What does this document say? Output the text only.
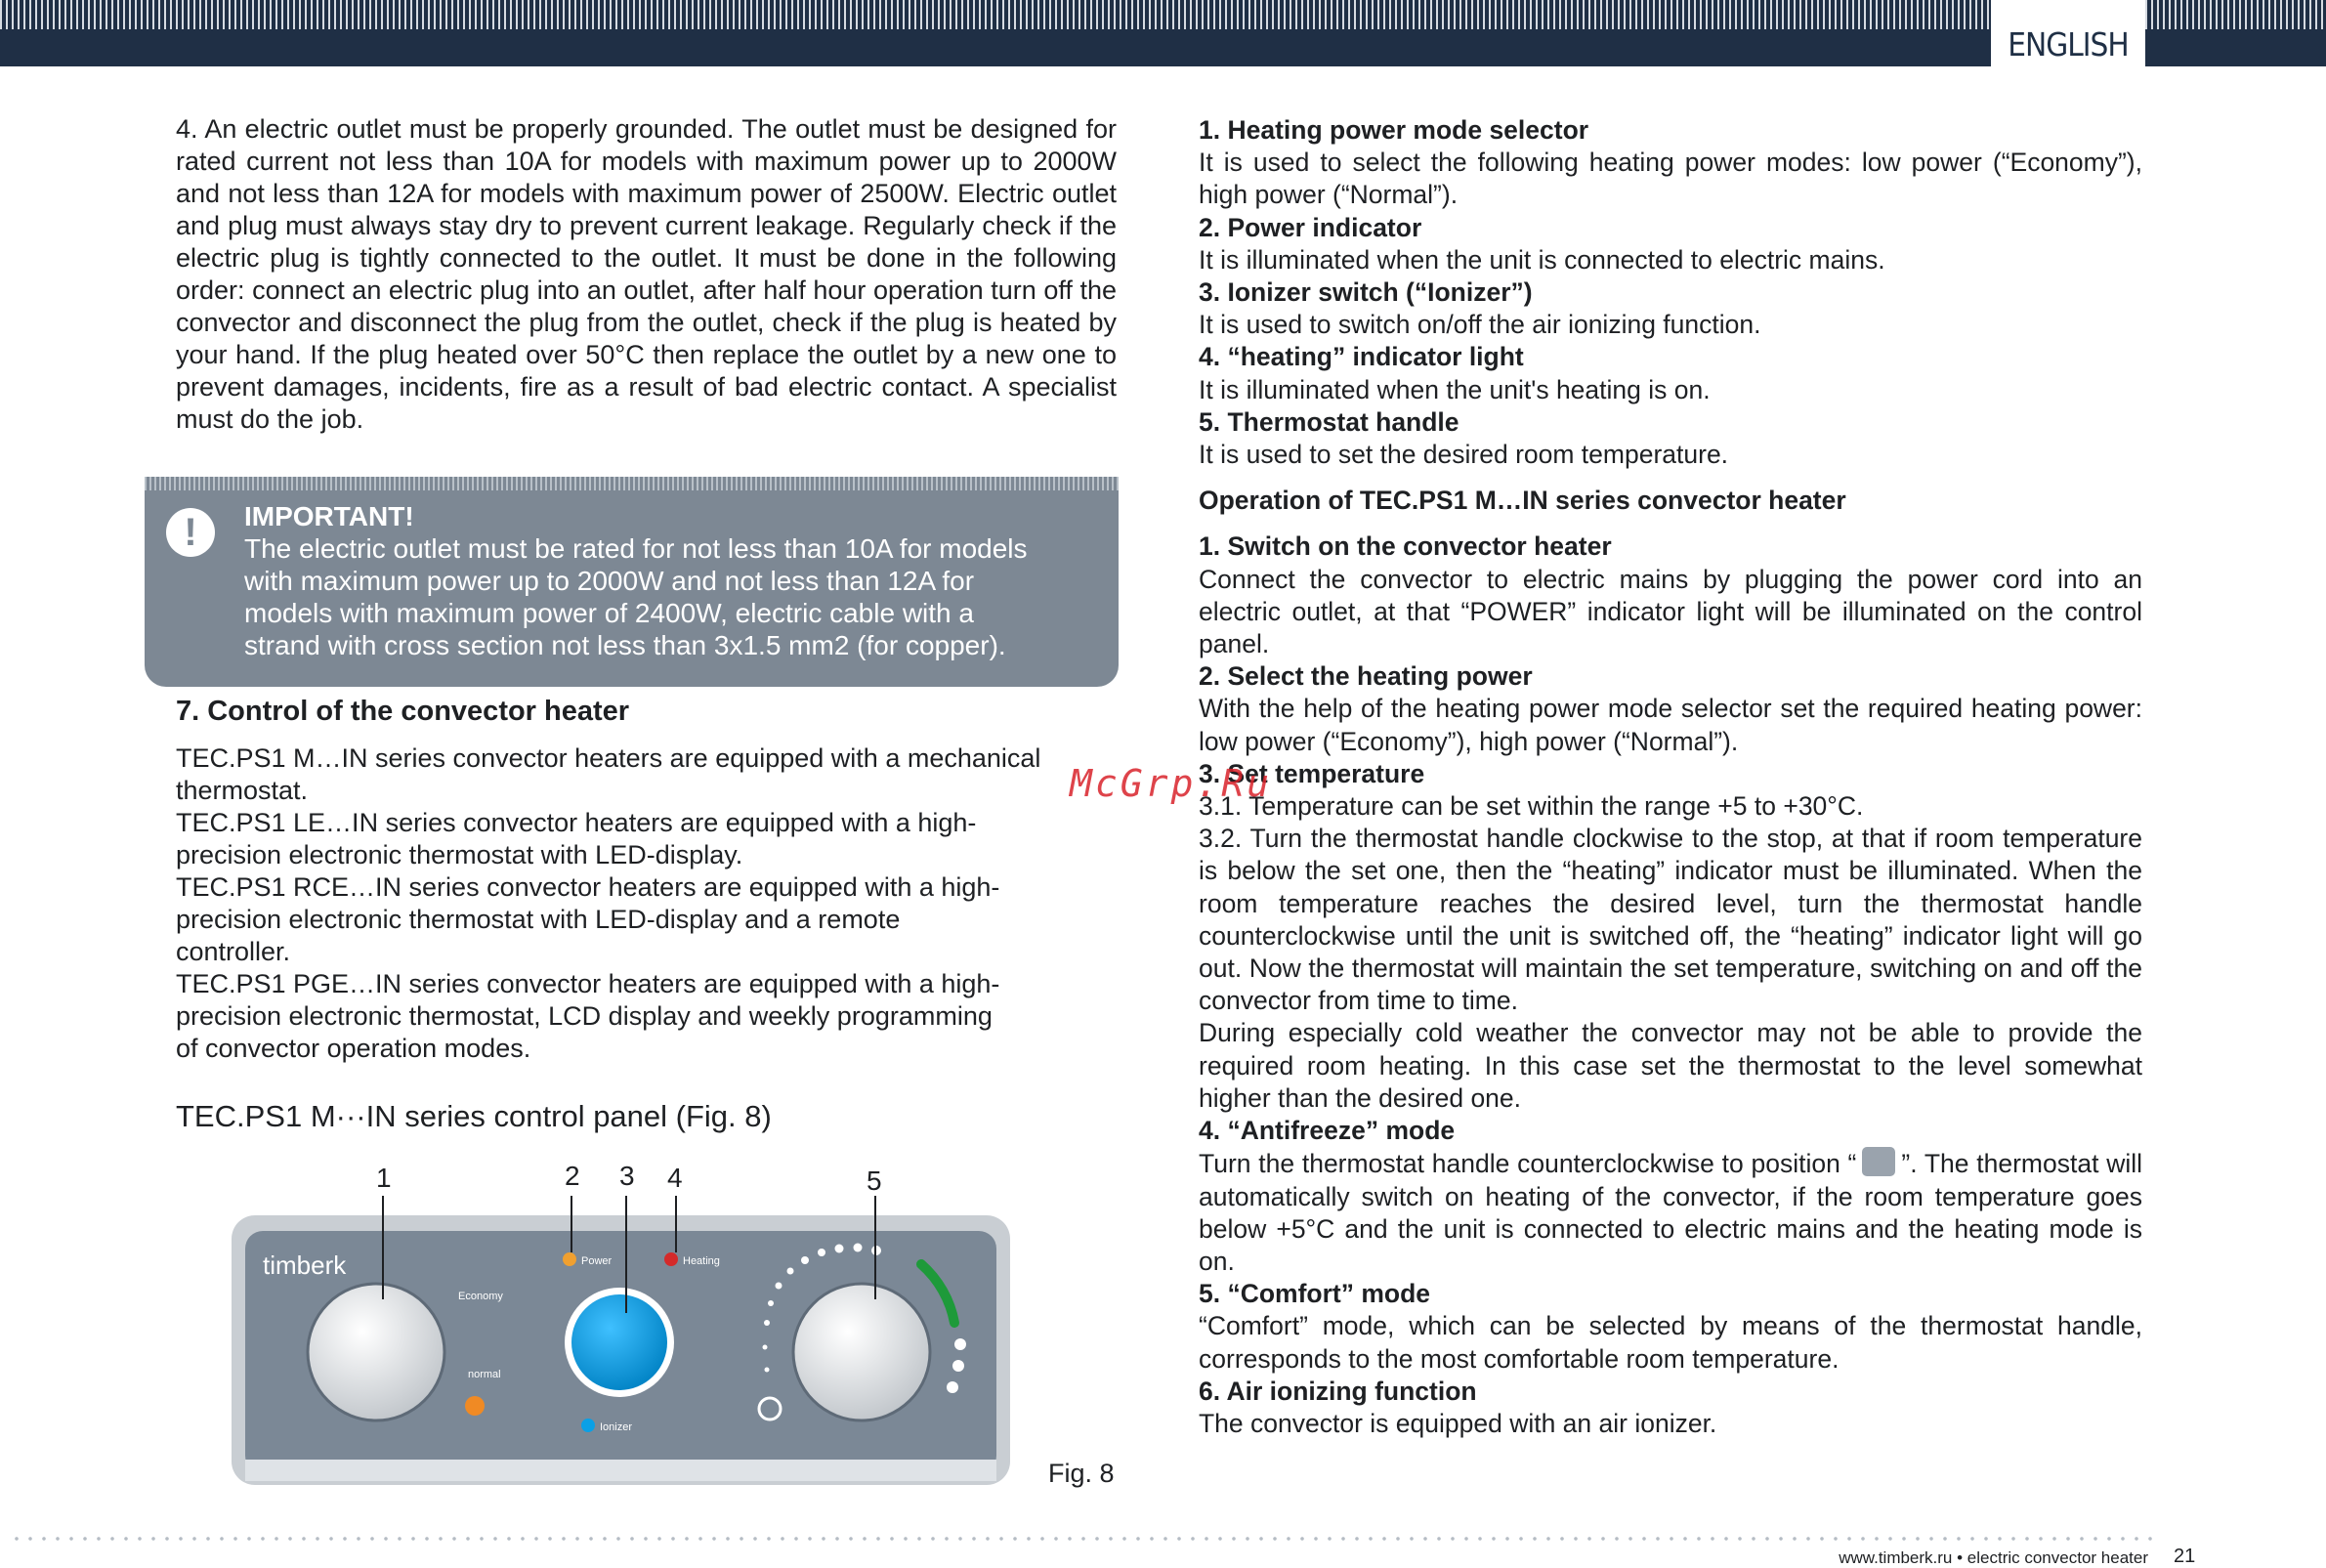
ENGLISH

4. An electric outlet must be properly grounded. The outlet must be designed for rated current not less than 10A for models with maximum power up to 2000W and not less than 12A for models with maximum power of 2500W. Electric outlet and plug must always stay dry to prevent current leakage. Regularly check if the electric plug is tightly connected to the outlet. It must be done in the following order: connect an electric plug into an outlet, after half hour operation turn off the convector and disconnect the plug from the outlet, check if the plug is heated by your hand. If the plug heated over 50°C then replace the outlet by a new one to prevent damages, incidents, fire as a result of bad electric contact. A specialist must do the job.

!	IMPORTANT!
The electric outlet must be rated for not less than 10A for models
with maximum power up to 2000W and not less than 12A for
models with maximum power of 2400W, electric cable with a
strand with cross section not less than 3x1.5 mm2 (for copper).
7. Control of the convector heater
TEC.PS1 M…IN series convector heaters are equipped with a mechanical
thermostat.
TEC.PS1 LE…IN series convector heaters are equipped with a high-
precision electronic thermostat with LED-display.
TEC.PS1 RCE…IN series convector heaters are equipped with a high-
precision electronic thermostat with LED-display and a remote
controller.
TEC.PS1 PGE…IN series convector heaters are equipped with a high-
precision electronic thermostat, LCD display and weekly programming
of convector operation modes.
TEC.PS1 M···IN series control panel (Fig. 8)
timberk
Economy
normal
Power	Heating
Ionizer
1	2 3 4	5
Fig. 8

1. Heating power mode selector

It is used to select the following heating power modes: low power (“Economy”), high power (“Normal”).

2. Power indicator

It is illuminated when the unit is connected to electric mains.

3. Ionizer switch (“Ionizer”)

It is used to switch on/off the air ionizing function.

4. “heating” indicator light

It is illuminated when the unit's heating is on.

5. Thermostat handle

It is used to set the desired room temperature.

Operation of TEC.PS1 M…IN series convector heater

1. Switch on the convector heater

Connect the convector to electric mains by plugging the power cord into an electric outlet, at that “POWER” indicator light will be illuminated on the control panel.

2. Select the heating power

With the help of the heating power mode selector set the required heating power: low power (“Economy”), high power (“Normal”).

3. Set temperature

3.1. Temperature can be set within the range +5 to +30°C.

3.2. Turn the thermostat handle clockwise to the stop, at that if room temperature is below the set one, then the “heating” indicator must be illuminated. When the room temperature reaches the desired level, turn the thermostat handle counterclockwise until the unit is switched off, the “heating” indicator light will go out. Now the thermostat will maintain the set temperature, switching on and off the convector from time to time.

During especially cold weather the convector may not be able to provide the required room heating. In this case set the thermostat to the level somewhat higher than the desired one.

4. “Antifreeze” mode

Turn the thermostat handle counterclockwise to position “ ”. The thermostat will automatically switch on heating of the convector, if the room temperature goes below +5°C and the unit is connected to electric mains and the heating mode is on.

5. “Comfort” mode

“Comfort” mode, which can be selected by means of the thermostat handle, corresponds to the most comfortable room temperature.

6. Air ionizing function

The convector is equipped with an air ionizer.

McGrp.Ru
www.timberk.ru • electric convector heater 21
